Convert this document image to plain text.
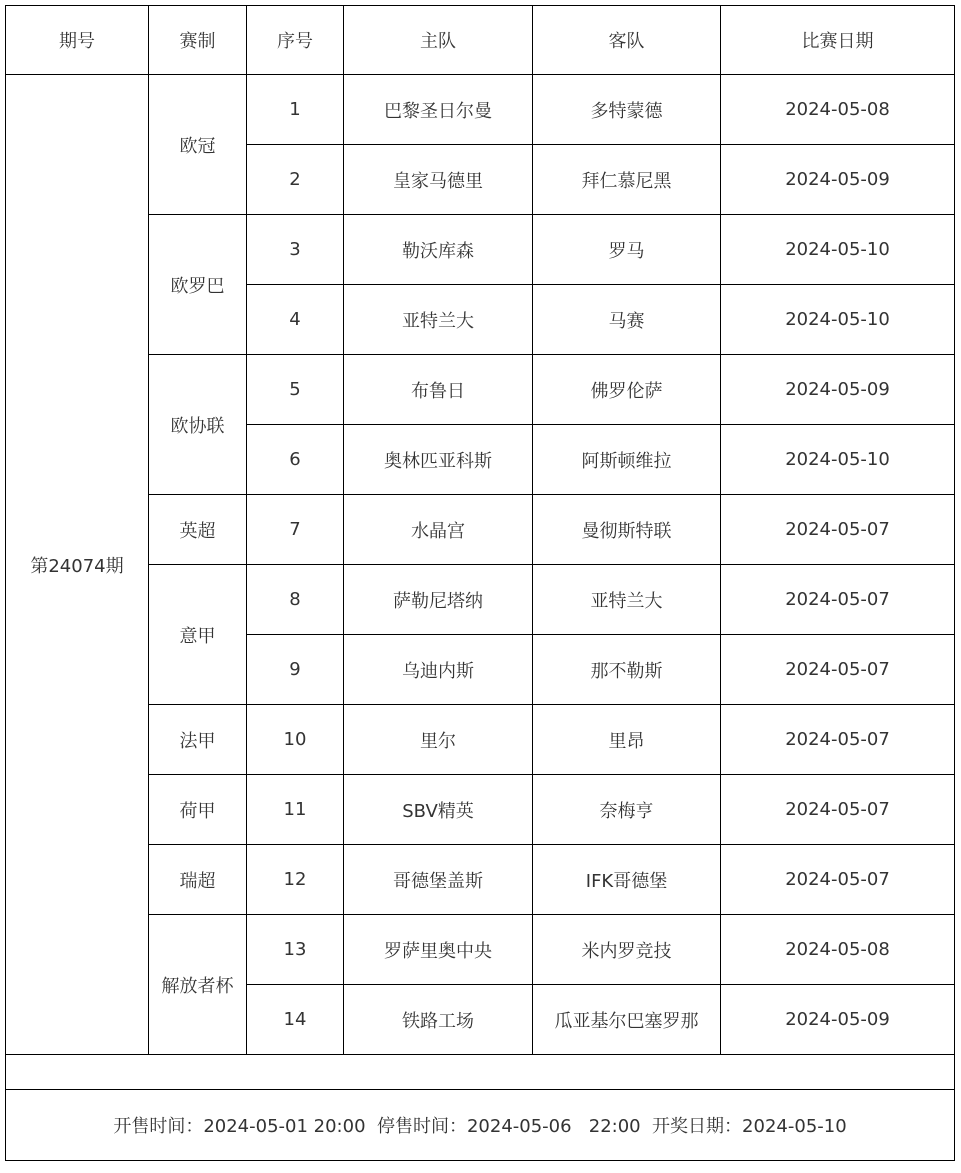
期号	赛制	序号	主队	客队	比赛日期
第24074期	欧冠	1	巴黎圣日尔曼	多特蒙德	2024-05-08
		2	皇家马德里	拜仁慕尼黑	2024-05-09
	欧罗巴	3	勒沃库森	罗马	2024-05-10
		4	亚特兰大	马赛	2024-05-10
	欧协联	5	布鲁日	佛罗伦萨	2024-05-09
		6	奥林匹亚科斯	阿斯顿维拉	2024-05-10
	英超	7	水晶宫	曼彻斯特联	2024-05-07
	意甲	8	萨勒尼塔纳	亚特兰大	2024-05-07
		9	乌迪内斯	那不勒斯	2024-05-07
	法甲	10	里尔	里昂	2024-05-07
	荷甲	11	SBV精英	奈梅亨	2024-05-07
	瑞超	12	哥德堡盖斯	IFK哥德堡	2024-05-07
	解放者杯	13	罗萨里奥中央	米内罗竞技	2024-05-08
		14	铁路工场	瓜亚基尔巴塞罗那	2024-05-09

开售时间：2024-05-01 20:00  停售时间：2024-05-06   22:00  开奖日期：2024-05-10					
